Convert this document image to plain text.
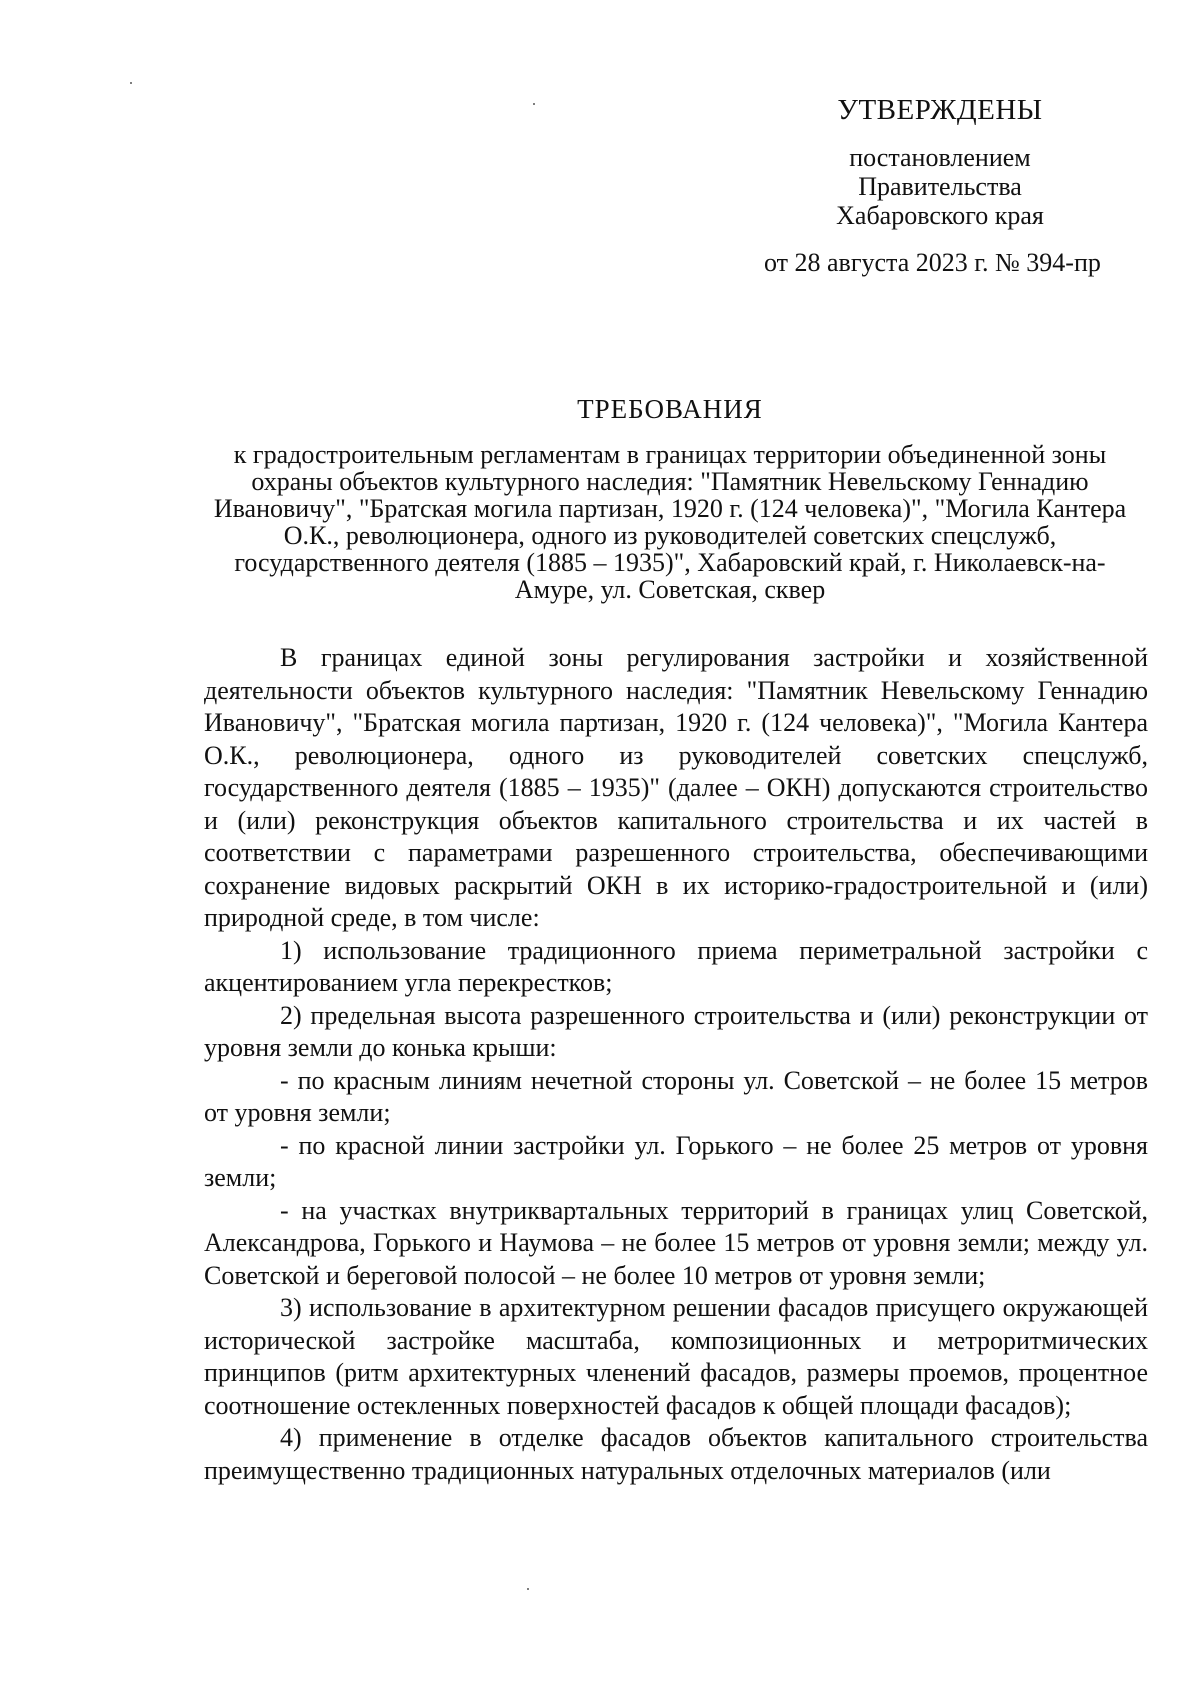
УТВЕРЖДЕНЫ
постановлением
Правительства
Хабаровского края
от 28 августа 2023 г. № 394-пр
ТРЕБОВАНИЯ
к градостроительным регламентам в границах территории объединенной зоны охраны объектов культурного наследия: "Памятник Невельскому Геннадию Ивановичу", "Братская могила партизан, 1920 г. (124 человека)", "Могила Кантера О.К., революционера, одного из руководителей советских спецслужб, государственного деятеля (1885 – 1935)", Хабаровский край, г. Николаевск-на-Амуре, ул. Советская, сквер

В границах единой зоны регулирования застройки и хозяйственной деятельности объектов культурного наследия: "Памятник Невельскому Геннадию Ивановичу", "Братская могила партизан, 1920 г. (124 человека)", "Могила Кантера О.К., революционера, одного из руководителей советских спецслужб, государственного деятеля (1885 – 1935)" (далее – ОКН) допускаются строительство и (или) реконструкция объектов капитального строительства и их частей в соответствии с параметрами разрешенного строительства, обеспечивающими сохранение видовых раскрытий ОКН в их историко-градостроительной и (или) природной среде, в том числе:

1) использование традиционного приема периметральной застройки с акцентированием угла перекрестков;

2) предельная высота разрешенного строительства и (или) реконструкции от уровня земли до конька крыши:

- по красным линиям нечетной стороны ул. Советской – не более 15 метров от уровня земли;

- по красной линии застройки ул. Горького – не более 25 метров от уровня земли;

- на участках внутриквартальных территорий в границах улиц Советской, Александрова, Горького и Наумова – не более 15 метров от уровня земли; между ул. Советской и береговой полосой – не более 10 метров от уровня земли;

3) использование в архитектурном решении фасадов присущего окружающей исторической застройке масштаба, композиционных и метроритмических принципов (ритм архитектурных членений фасадов, размеры проемов, процентное соотношение остекленных поверхностей фасадов к общей площади фасадов);

4) применение в отделке фасадов объектов капитального строительства преимущественно традиционных натуральных отделочных материалов (или
